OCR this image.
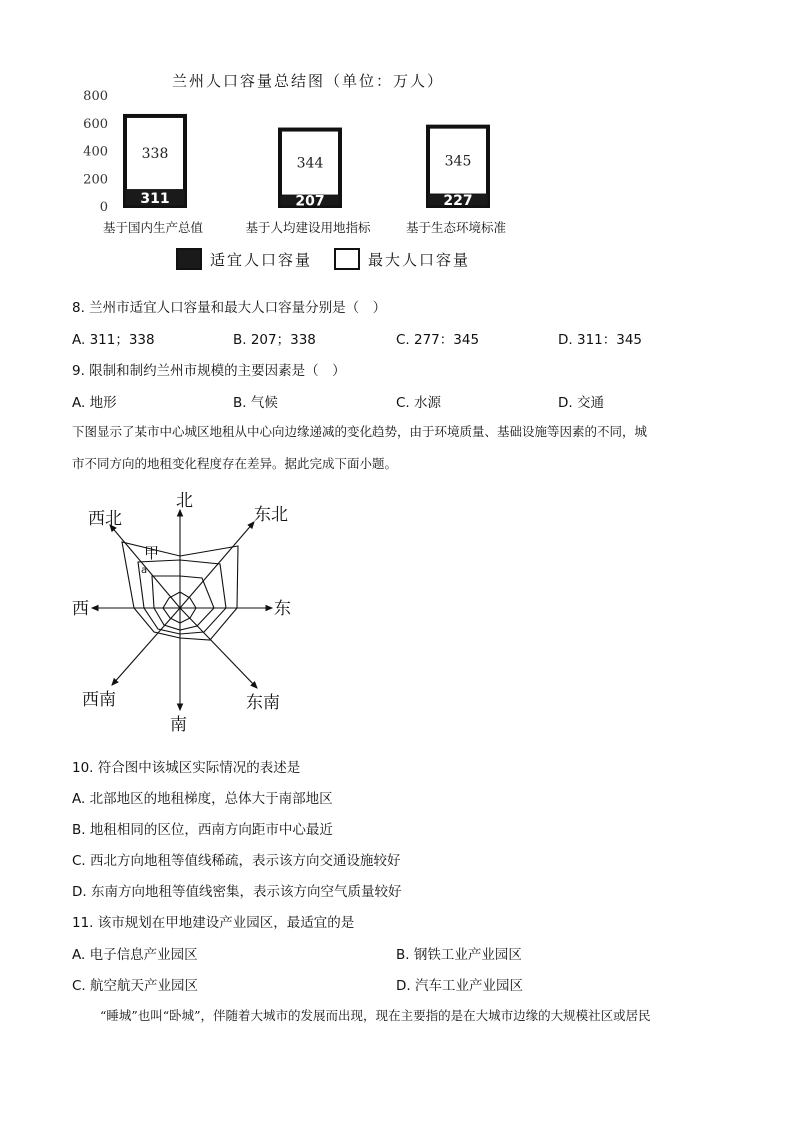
兰州人口容量总结图（单位：万人）
800
600
400
200
0
338
311
基于国内生产总值
344
207
基于人均建设用地指标
345
227
基于生态环境标准
适宜人口容量	最大人口容量
8. 兰州市适宜人口容量和最大人口容量分别是（　）
A. 311；338	B. 207；338	C. 277：345	D. 311：345
9. 限制和制约兰州市规模的主要因素是（　）
A. 地形	B. 气候	C. 水源	D. 交通
下图显示了某市中心城区地租从中心向边缘递减的变化趋势，由于环境质量、基础设施等因素的不同，城
市不同方向的地租变化程度存在差异。据此完成下面小题。
北
东北
东
东南
南
西南
西
西北
甲
a
10. 符合图中该城区实际情况的表述是
A. 北部地区的地租梯度，总体大于南部地区
B. 地租相同的区位，西南方向距市中心最近
C. 西北方向地租等值线稀疏，表示该方向交通设施较好
D. 东南方向地租等值线密集，表示该方向空气质量较好
11. 该市规划在甲地建设产业园区，最适宜的是
A. 电子信息产业园区	B. 钢铁工业产业园区
C. 航空航天产业园区	D. 汽车工业产业园区
“睡城”也叫“卧城”，伴随着大城市的发展而出现，现在主要指的是在大城市边缘的大规模社区或居民
